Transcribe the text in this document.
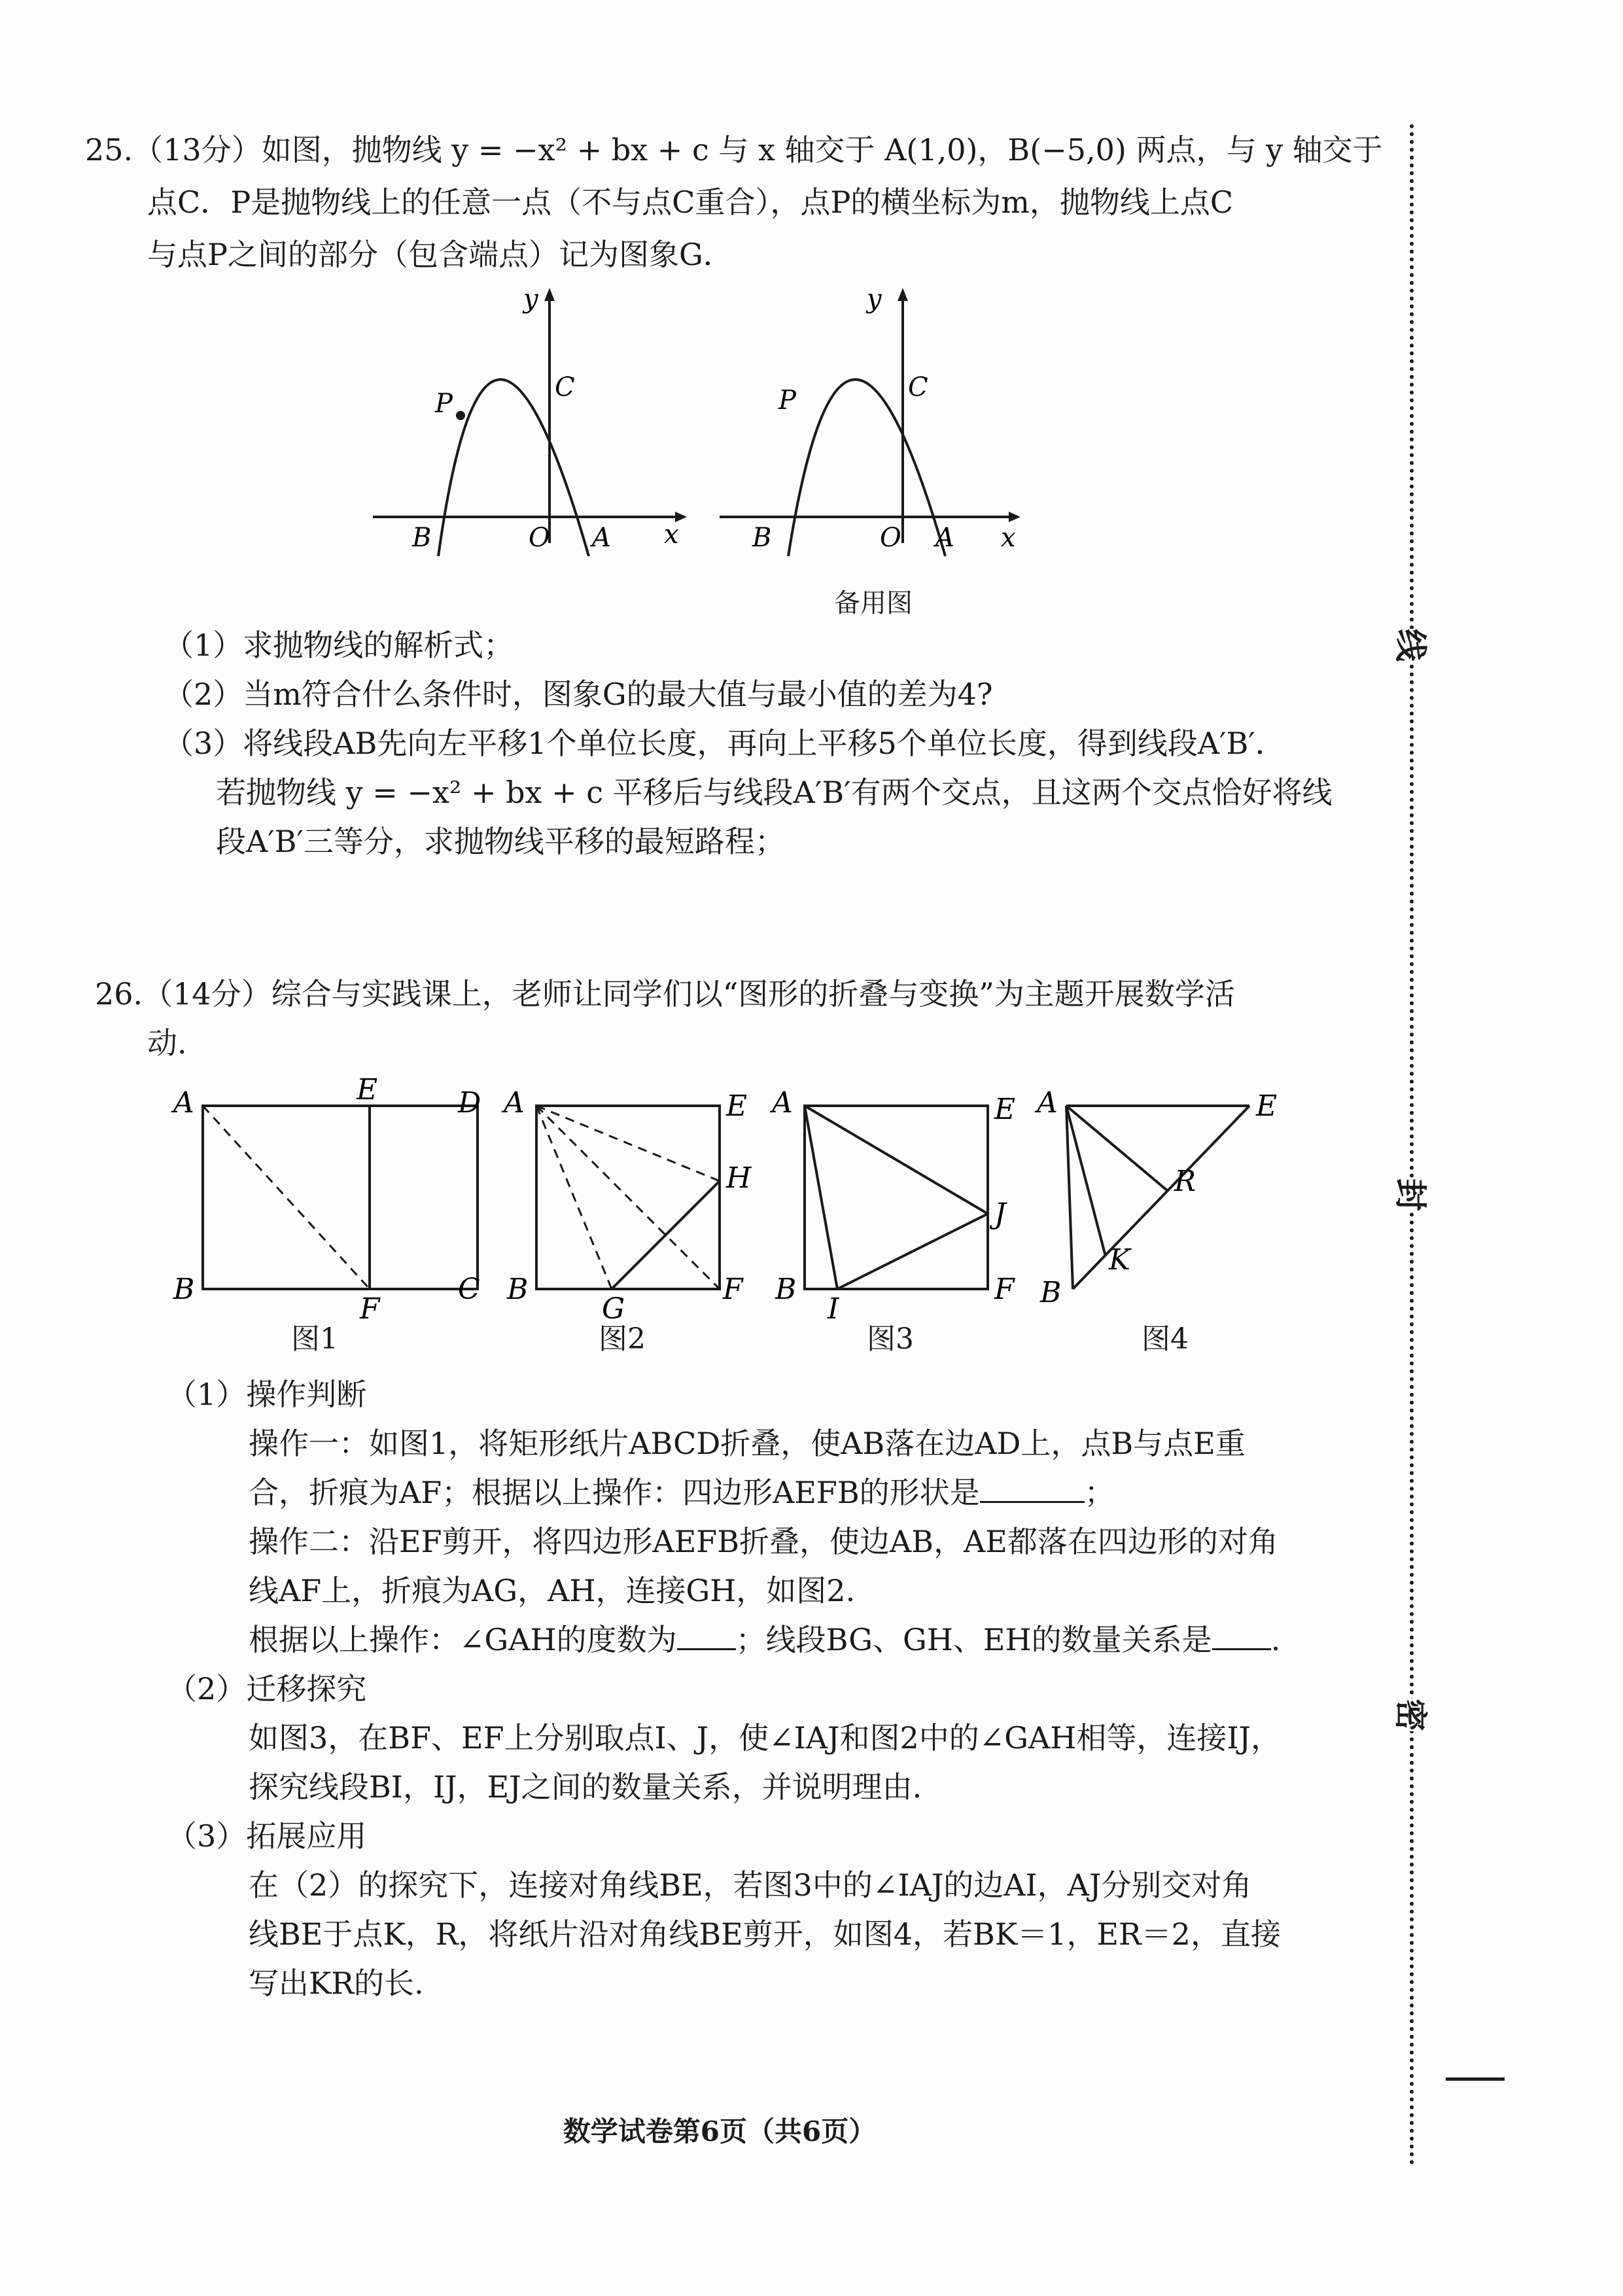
25.（13分）如图，抛物线 y = −x² + bx + c 与 x 轴交于 A(1,0)，B(−5,0) 两点，与 y 轴交于
点C．P是抛物线上的任意一点（不与点C重合），点P的横坐标为m，抛物线上点C
与点P之间的部分（包含端点）记为图象G．
P
C
y
x
B	O A
P	C
y
x
B	O A
备用图
（1）求抛物线的解析式；
（2）当m符合什么条件时，图象G的最大值与最小值的差为4?
（3）将线段AB先向左平移1个单位长度，再向上平移5个单位长度，得到线段A′B′．
若抛物线 y = −x² + bx + c 平移后与线段A′B′有两个交点，且这两个交点恰好将线
段A′B′三等分，求抛物线平移的最短路程；
26.（14分）综合与实践课上，老师让同学们以“图形的折叠与变换”为主题开展数学活
动.
A	E	D
B
F
C
图1
A	E
H
B
G
F
图2
A	E
J
B
I
F
图3
A	E
R
K
B
图4
（1）操作判断
操作一：如图1，将矩形纸片ABCD折叠，使AB落在边AD上，点B与点E重
合，折痕为AF；根据以上操作：四边形AEFB的形状是	；
操作二：沿EF剪开，将四边形AEFB折叠，使边AB，AE都落在四边形的对角
线AF上，折痕为AG，AH，连接GH，如图2.
根据以上操作：∠GAH的度数为 ；线段BG、GH、EH的数量关系是 .
（2）迁移探究
如图3，在BF、EF上分别取点I、J，使∠IAJ和图2中的∠GAH相等，连接IJ，
探究线段BI，IJ，EJ之间的数量关系，并说明理由.
（3）拓展应用
在（2）的探究下，连接对角线BE，若图3中的∠IAJ的边AI，AJ分别交对角
线BE于点K，R，将纸片沿对角线BE剪开，如图4，若BK＝1，ER＝2，直接
写出KR的长.
数学试卷第6页（共6页）
线
封
密
